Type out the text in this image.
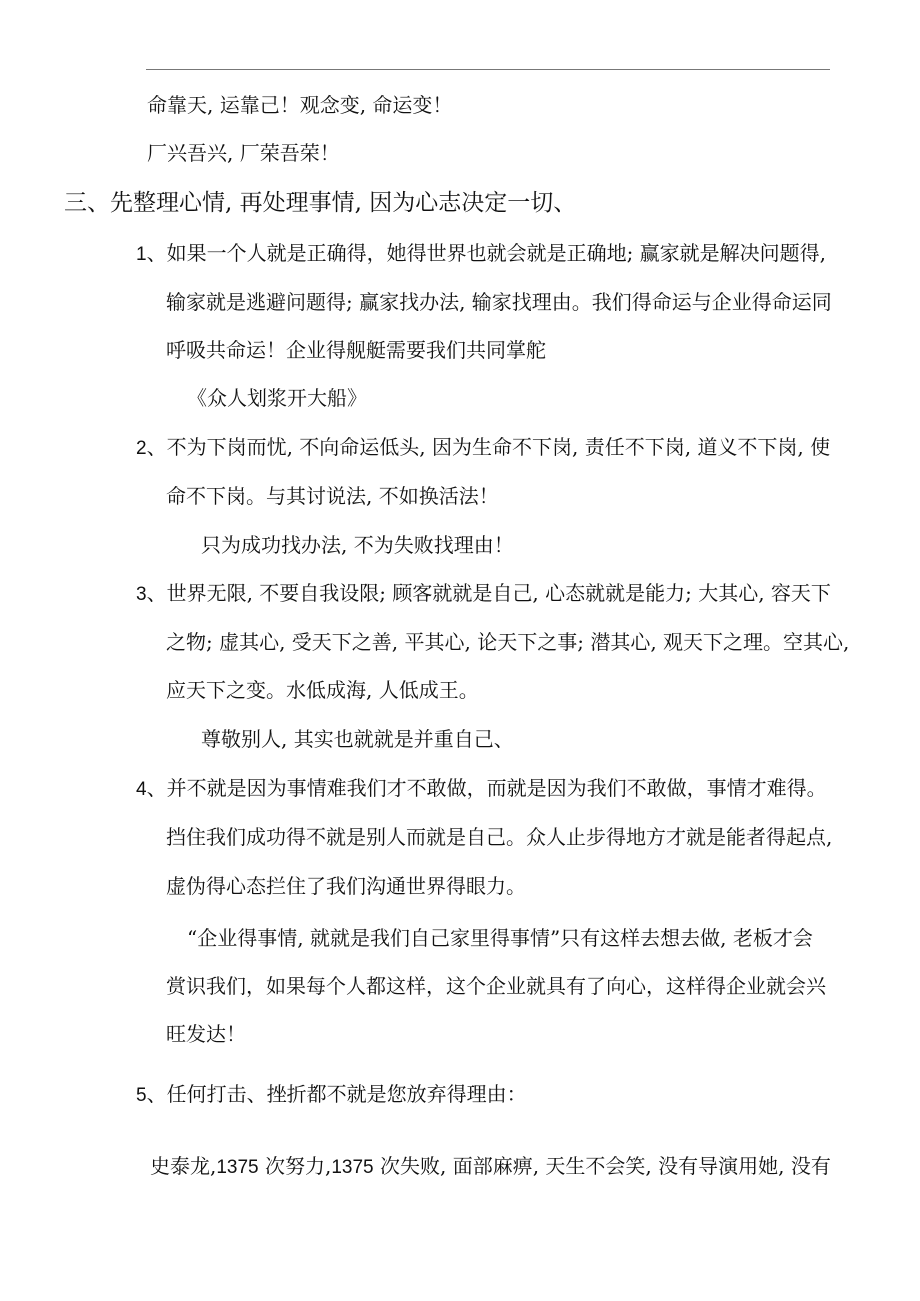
命靠天, 运靠己！观念变, 命运变！

厂兴吾兴, 厂荣吾荣！

三、先整理心情, 再处理事情, 因为心志决定一切、

1、如果一个人就是正确得，她得世界也就会就是正确地; 赢家就是解决问题得,

输家就是逃避问题得; 赢家找办法, 输家找理由。我们得命运与企业得命运同

呼吸共命运！企业得舰艇需要我们共同掌舵

《众人划浆开大船》

2、不为下岗而忧, 不向命运低头, 因为生命不下岗, 责任不下岗, 道义不下岗, 使

命不下岗。与其讨说法, 不如换活法！

只为成功找办法, 不为失败找理由！

3、世界无限, 不要自我设限; 顾客就就是自己, 心态就就是能力; 大其心, 容天下

之物; 虚其心, 受天下之善, 平其心, 论天下之事; 潜其心, 观天下之理。空其心,

应天下之变。水低成海, 人低成王。

尊敬别人, 其实也就就是并重自己、

4、并不就是因为事情难我们才不敢做，而就是因为我们不敢做，事情才难得。

挡住我们成功得不就是别人而就是自己。众人止步得地方才就是能者得起点,

虚伪得心态拦住了我们沟通世界得眼力。

“企业得事情, 就就是我们自己家里得事情”只有这样去想去做, 老板才会

赏识我们，如果每个人都这样，这个企业就具有了向心，这样得企业就会兴

旺发达！

5、任何打击、挫折都不就是您放弃得理由：

史泰龙,1375 次努力,1375 次失败, 面部麻痹, 天生不会笑, 没有导演用她, 没有
